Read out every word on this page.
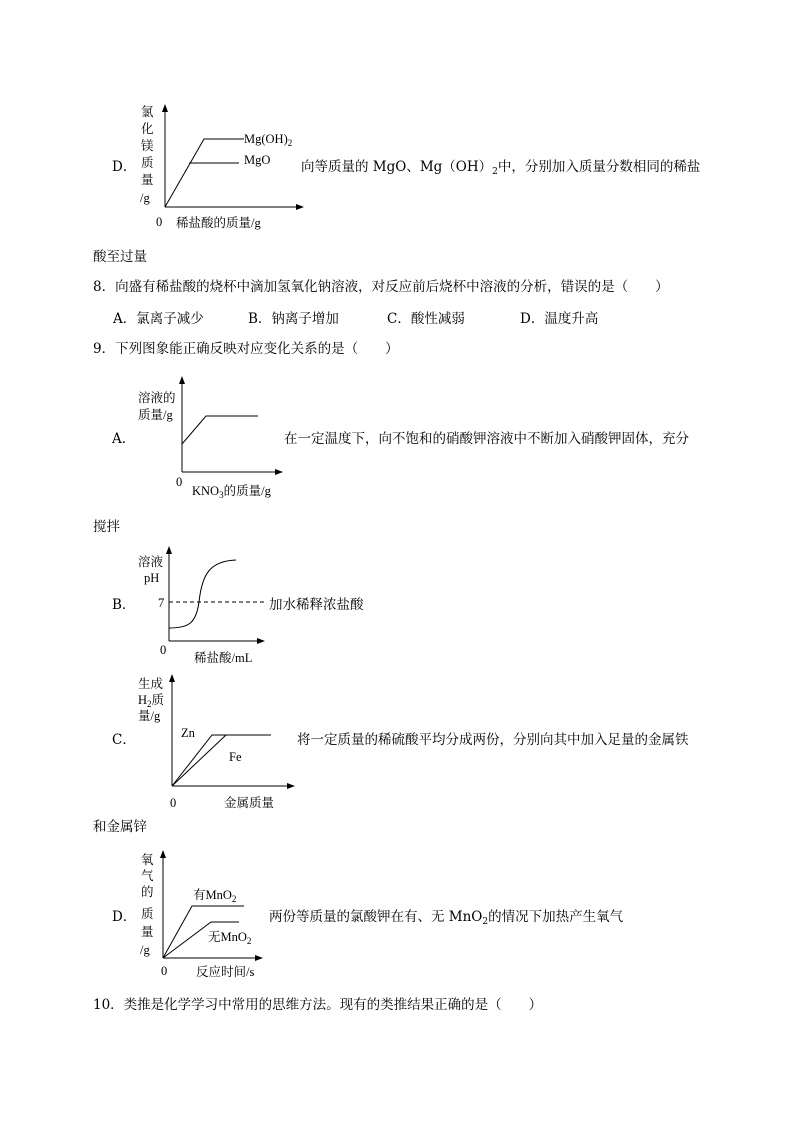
氯
化
镁
质
量
/g
$Mg(OH)_2$
MgO
0 稀盐酸的质量/g
D．	向等质量的 MgO、$Mg(OH)_2$中，分别加入质量分数相同的稀盐
酸至过量
8．向盛有稀盐酸的烧杯中滴加氢氧化钠溶液，对反应前后烧杯中溶液的分析，错误的是（　　）
A．氯离子减少	B．钠离子增加	C．酸性减弱	D．温度升高
9．下列图象能正确反映对应变化关系的是（　　）
溶液的
质量/g
0
$KNO_3$的质量/g
A．	在一定温度下，向不饱和的硝酸钾溶液中不断加入硝酸钾固体，充分
搅拌
溶液
pH
7
0
稀盐酸/mL
B．	加水稀释浓盐酸
生成
$H_2$质
量/g
Zn
Fe
0	金属质量
C．	将一定质量的稀硫酸平均分成两份，分别向其中加入足量的金属铁
和金属锌
氧
气
的
质
量
/g
有MnO$_2$
无MnO$_2$
0 反应时间/s
D．	两份等质量的氯酸钾在有、无 MnO$_2$的情况下加热产生氧气
10．类推是化学学习中常用的思维方法。现有的类推结果正确的是（　　）
